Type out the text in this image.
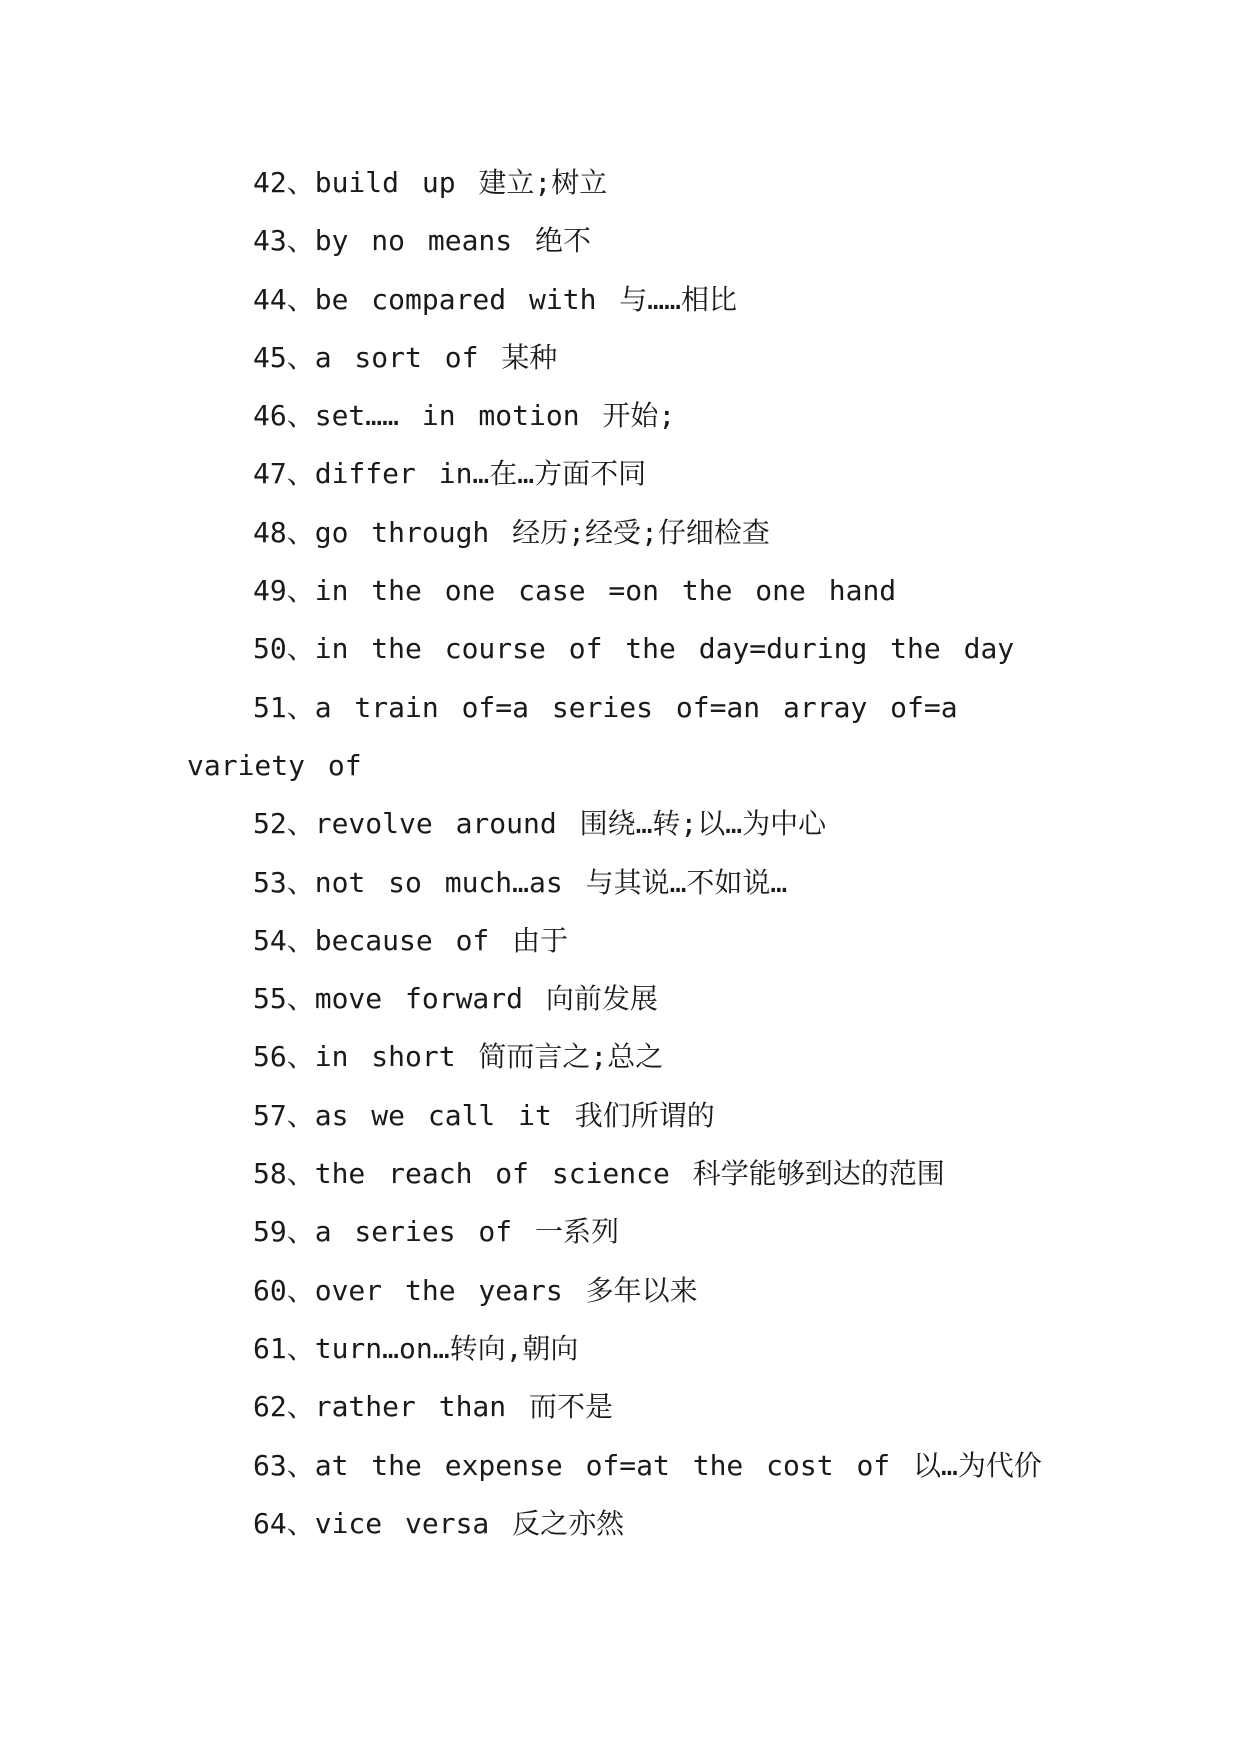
42、build up 建立;树立
43、by no means 绝不
44、be compared with 与……相比
45、a sort of 某种
46、set…… in motion 开始;
47、differ in…在…方面不同
48、go through 经历;经受;仔细检查
49、in the one case =on the one hand
50、in the course of the day=during the day
51、a train of=a series of=an array of=a variety of
52、revolve around 围绕…转;以…为中心
53、not so much…as 与其说…不如说…
54、because of 由于
55、move forward 向前发展
56、in short 简而言之;总之
57、as we call it 我们所谓的
58、the reach of science 科学能够到达的范围
59、a series of 一系列
60、over the years 多年以来
61、turn…on…转向,朝向
62、rather than 而不是
63、at the expense of=at the cost of 以…为代价
64、vice versa 反之亦然
